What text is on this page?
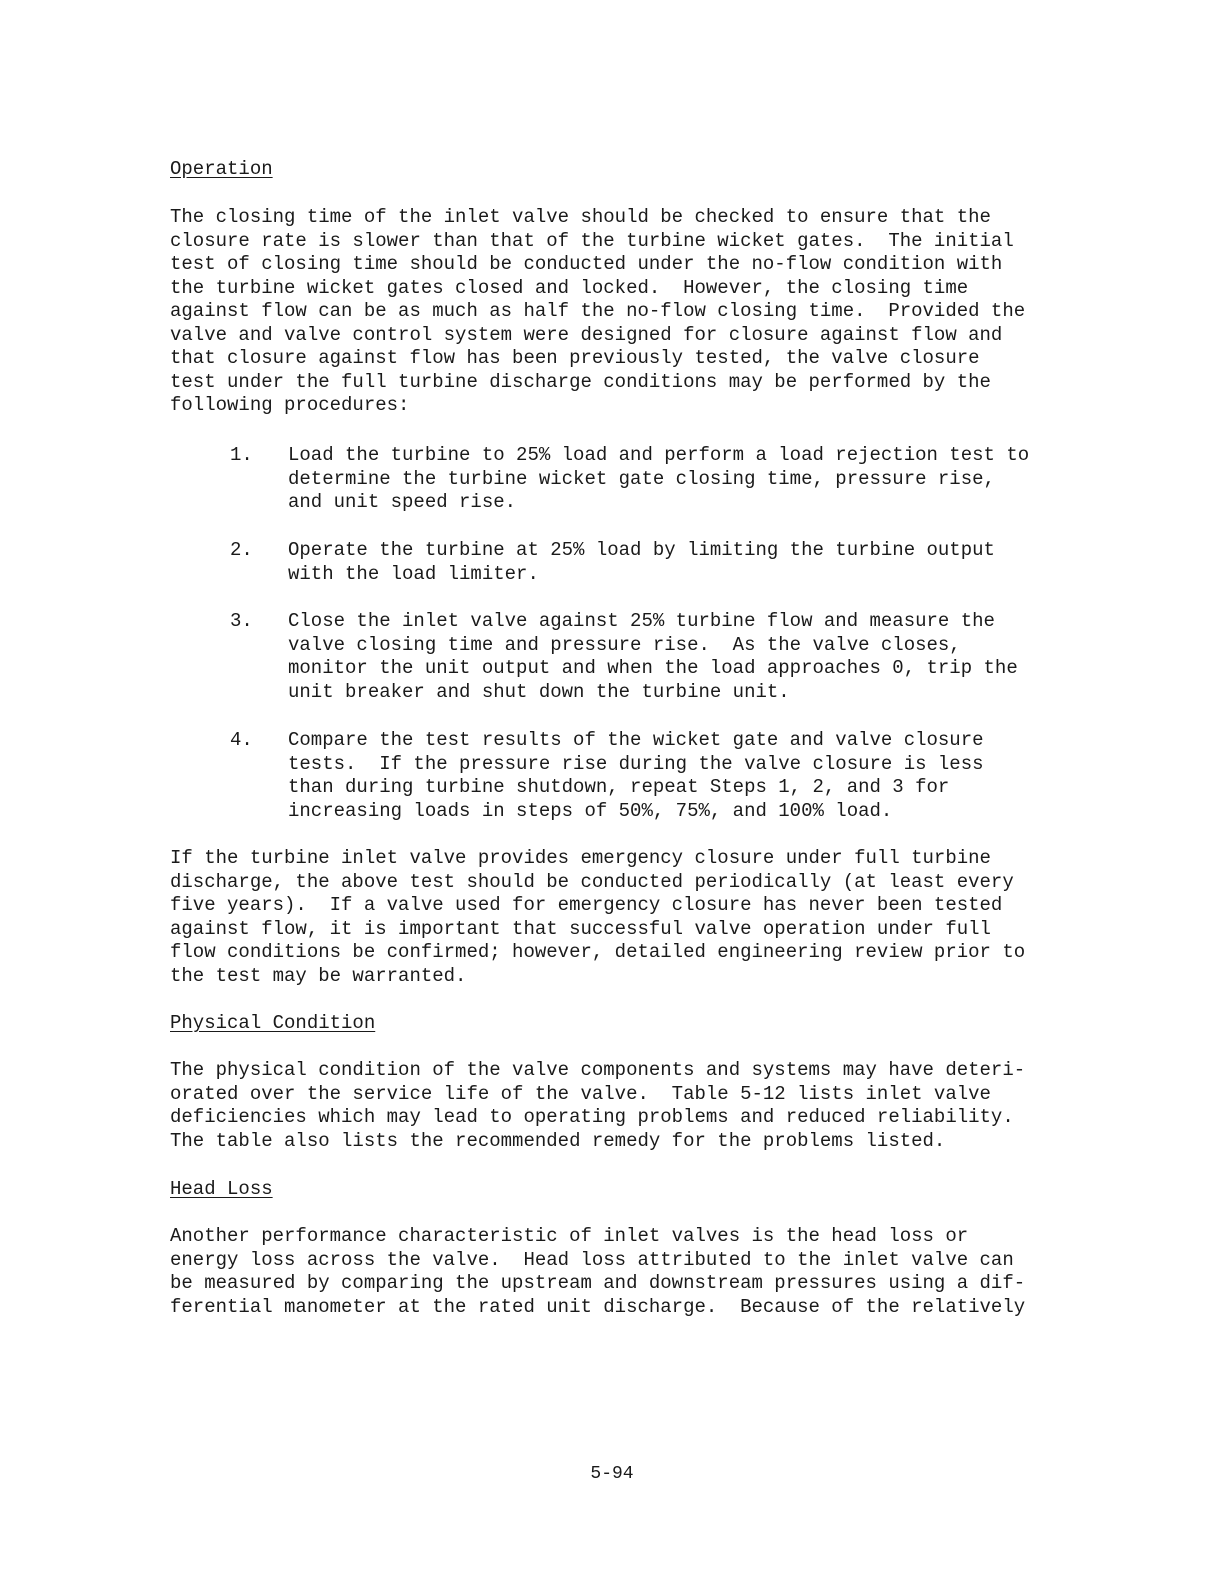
Operation

The closing time of the inlet valve should be checked to ensure that the
closure rate is slower than that of the turbine wicket gates.  The initial
test of closing time should be conducted under the no-flow condition with
the turbine wicket gates closed and locked.  However, the closing time
against flow can be as much as half the no-flow closing time.  Provided the
valve and valve control system were designed for closure against flow and
that closure against flow has been previously tested, the valve closure
test under the full turbine discharge conditions may be performed by the
following procedures:

1. Load the turbine to 25% load and perform a load rejection test to
determine the turbine wicket gate closing time, pressure rise,
and unit speed rise.
2. Operate the turbine at 25% load by limiting the turbine output
with the load limiter.
3. Close the inlet valve against 25% turbine flow and measure the
valve closing time and pressure rise.  As the valve closes,
monitor the unit output and when the load approaches 0, trip the
unit breaker and shut down the turbine unit.
4. Compare the test results of the wicket gate and valve closure
tests.  If the pressure rise during the valve closure is less
than during turbine shutdown, repeat Steps 1, 2, and 3 for
increasing loads in steps of 50%, 75%, and 100% load.

If the turbine inlet valve provides emergency closure under full turbine
discharge, the above test should be conducted periodically (at least every
five years).  If a valve used for emergency closure has never been tested
against flow, it is important that successful valve operation under full
flow conditions be confirmed; however, detailed engineering review prior to
the test may be warranted.

Physical Condition

The physical condition of the valve components and systems may have deteri-
orated over the service life of the valve.  Table 5-12 lists inlet valve
deficiencies which may lead to operating problems and reduced reliability.
The table also lists the recommended remedy for the problems listed.

Head Loss

Another performance characteristic of inlet valves is the head loss or
energy loss across the valve.  Head loss attributed to the inlet valve can
be measured by comparing the upstream and downstream pressures using a dif-
ferential manometer at the rated unit discharge.  Because of the relatively

5-94
